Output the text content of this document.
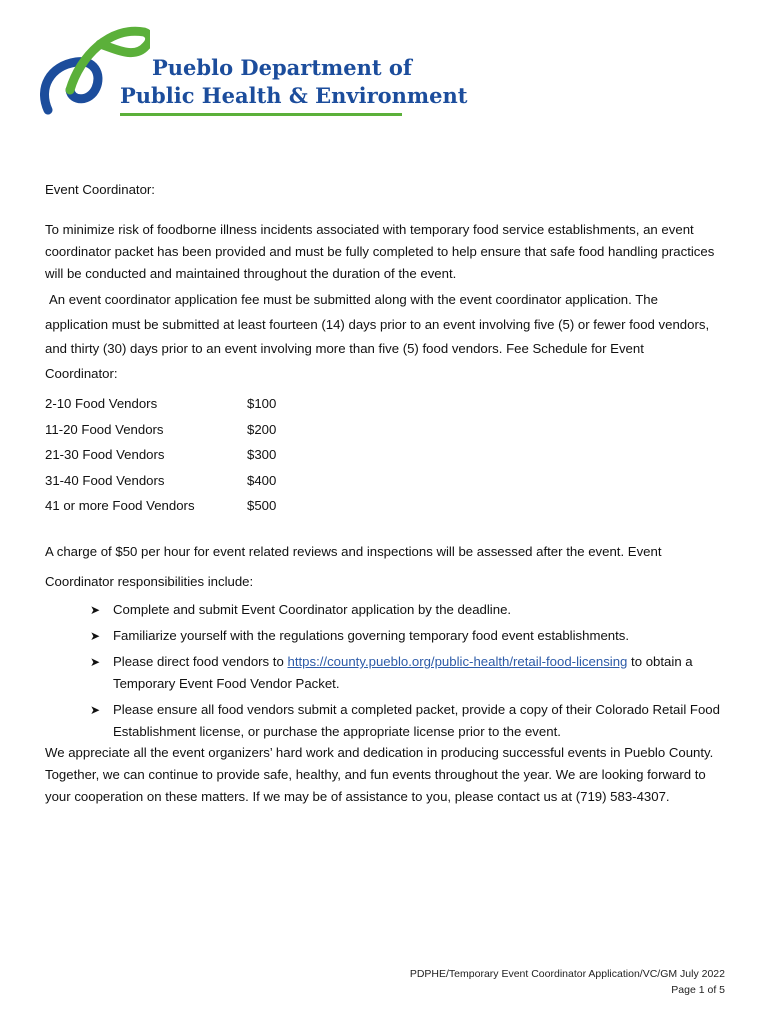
Pueblo Department of
Public Health & Environment

Event Coordinator:

To minimize risk of foodborne illness incidents associated with temporary food service establishments, an event coordinator packet has been provided and must be fully completed to help ensure that safe food handling practices will be conducted and maintained throughout the duration of the event.

An event coordinator application fee must be submitted along with the event coordinator application. The application must be submitted at least fourteen (14) days prior to an event involving five (5) or fewer food vendors, and thirty (30) days prior to an event involving more than five (5) food vendors. Fee Schedule for Event Coordinator:

2-10 Food Vendors	$100
11-20 Food Vendors	$200
21-30 Food Vendors	$300
31-40 Food Vendors	$400
41 or more Food Vendors	$500

A charge of $50 per hour for event related reviews and inspections will be assessed after the event. Event Coordinator responsibilities include:

➤ Complete and submit Event Coordinator application by the deadline.
➤ Familiarize yourself with the regulations governing temporary food event establishments.
➤ Please direct food vendors to https://county.pueblo.org/public-health/retail-food-licensing to obtain a Temporary Event Food Vendor Packet.
➤ Please ensure all food vendors submit a completed packet, provide a copy of their Colorado Retail Food Establishment license, or purchase the appropriate license prior to the event.

We appreciate all the event organizers’ hard work and dedication in producing successful events in Pueblo County. Together, we can continue to provide safe, healthy, and fun events throughout the year. We are looking forward to your cooperation on these matters. If we may be of assistance to you, please contact us at (719) 583-4307.

PDPHE/Temporary Event Coordinator Application/VC/GM July 2022
Page 1 of 5
